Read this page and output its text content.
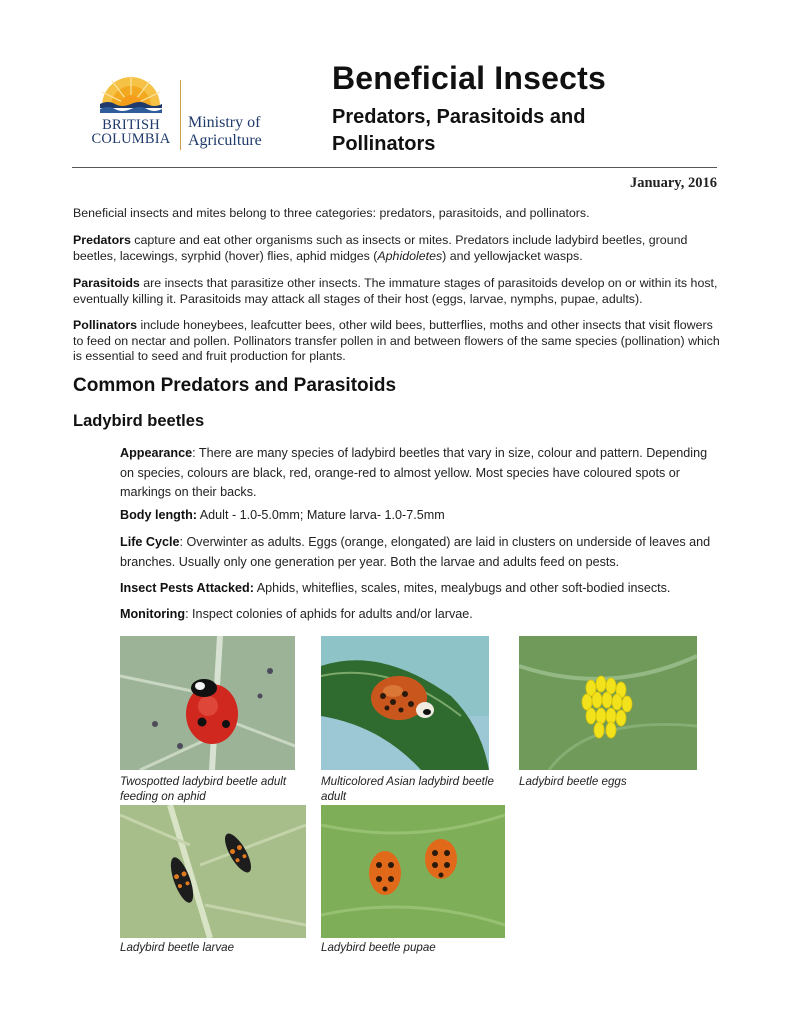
BRITISH
COLUMBIA
Ministry of
Agriculture
Beneficial Insects
Predators, Parasitoids and Pollinators
January, 2016

Beneficial insects and mites belong to three categories: predators, parasitoids, and pollinators.

Predators capture and eat other organisms such as insects or mites. Predators include ladybird beetles, ground beetles, lacewings, syrphid (hover) flies, aphid midges (Aphidoletes) and yellowjacket wasps.

Parasitoids are insects that parasitize other insects. The immature stages of parasitoids develop on or within its host, eventually killing it. Parasitoids may attack all stages of their host (eggs, larvae, nymphs, pupae, adults).

Pollinators include honeybees, leafcutter bees, other wild bees, butterflies, moths and other insects that visit flowers to feed on nectar and pollen. Pollinators transfer pollen in and between flowers of the same species (pollination) which is essential to seed and fruit production for plants.

Common Predators and Parasitoids
Ladybird beetles

Appearance: There are many species of ladybird beetles that vary in size, colour and pattern. Depending on species, colours are black, red, orange-red to almost yellow. Most species have coloured spots or markings on their backs.

Body length: Adult - 1.0-5.0mm; Mature larva- 1.0-7.5mm

Life Cycle: Overwinter as adults. Eggs (orange, elongated) are laid in clusters on underside of leaves and branches. Usually only one generation per year. Both the larvae and adults feed on pests.

Insect Pests Attacked: Aphids, whiteflies, scales, mites, mealybugs and other soft-bodied insects.

Monitoring: Inspect colonies of aphids for adults and/or larvae.

Twospotted ladybird beetle adult feeding on aphid
Multicolored Asian ladybird beetle adult
Ladybird beetle eggs
Ladybird beetle larvae	Ladybird beetle pupae
